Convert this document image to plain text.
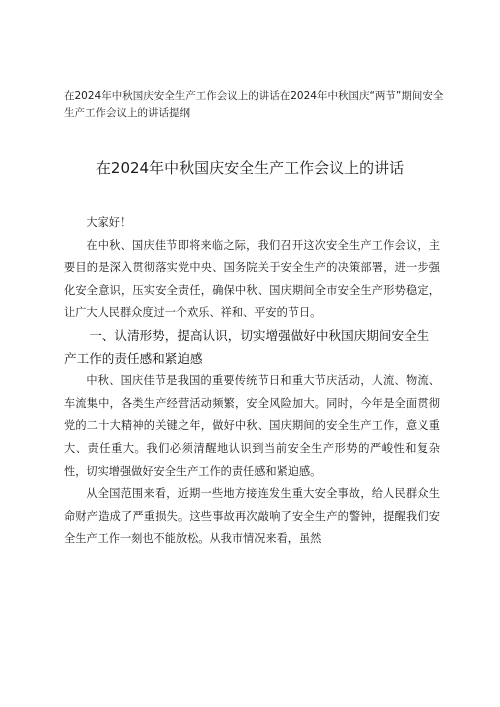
在2024年中秋国庆安全生产工作会议上的讲话在2024年中秋国庆“两节”期间安全生产工作会议上的讲话提纲
在2024年中秋国庆安全生产工作会议上的讲话

大家好！

在中秋、国庆佳节即将来临之际，我们召开这次安全生产工作会议，主要目的是深入贯彻落实党中央、国务院关于安全生产的决策部署，进一步强化安全意识，压实安全责任，确保中秋、国庆期间全市安全生产形势稳定，让广大人民群众度过一个欢乐、祥和、平安的节日。

一、认清形势，提高认识，切实增强做好中秋国庆期间安全生产工作的责任感和紧迫感

中秋、国庆佳节是我国的重要传统节日和重大节庆活动，人流、物流、车流集中，各类生产经营活动频繁，安全风险加大。同时，今年是全面贯彻党的二十大精神的关键之年，做好中秋、国庆期间的安全生产工作，意义重大、责任重大。我们必须清醒地认识到当前安全生产形势的严峻性和复杂性，切实增强做好安全生产工作的责任感和紧迫感。

从全国范围来看，近期一些地方接连发生重大安全事故，给人民群众生命财产造成了严重损失。这些事故再次敲响了安全生产的警钟，提醒我们安全生产工作一刻也不能放松。从我市情况来看，虽然
